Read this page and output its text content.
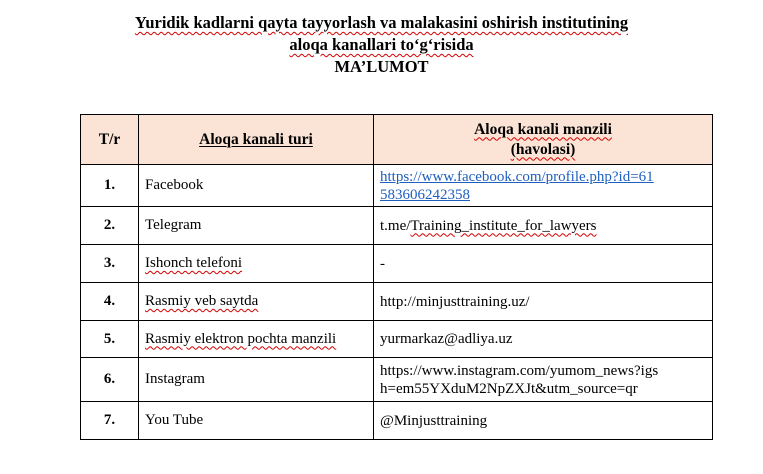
Yuridik kadlarni qayta tayyorlash va malakasini oshirish institutining
aloqa kanallari to‘g‘risida
MA’LUMOT
T/r	Aloqa kanali turi	Aloqa kanali manzili
(havolasi)

1.	Facebook	https://www.facebook.com/profile.php?id=61
583606242358

2.	Telegram	t.me/Training_institute_for_lawyers
3.	Ishonch telefoni	-
4.	Rasmiy veb saytda	http://minjusttraining.uz/
5.	Rasmiy elektron pochta manzili	yurmarkaz@adliya.uz
6.	Instagram	https://www.instagram.com/yumom_news?igs
h=em55YXduM2NpZXJt&utm_source=qr

7.	You Tube	@Minjusttraining
